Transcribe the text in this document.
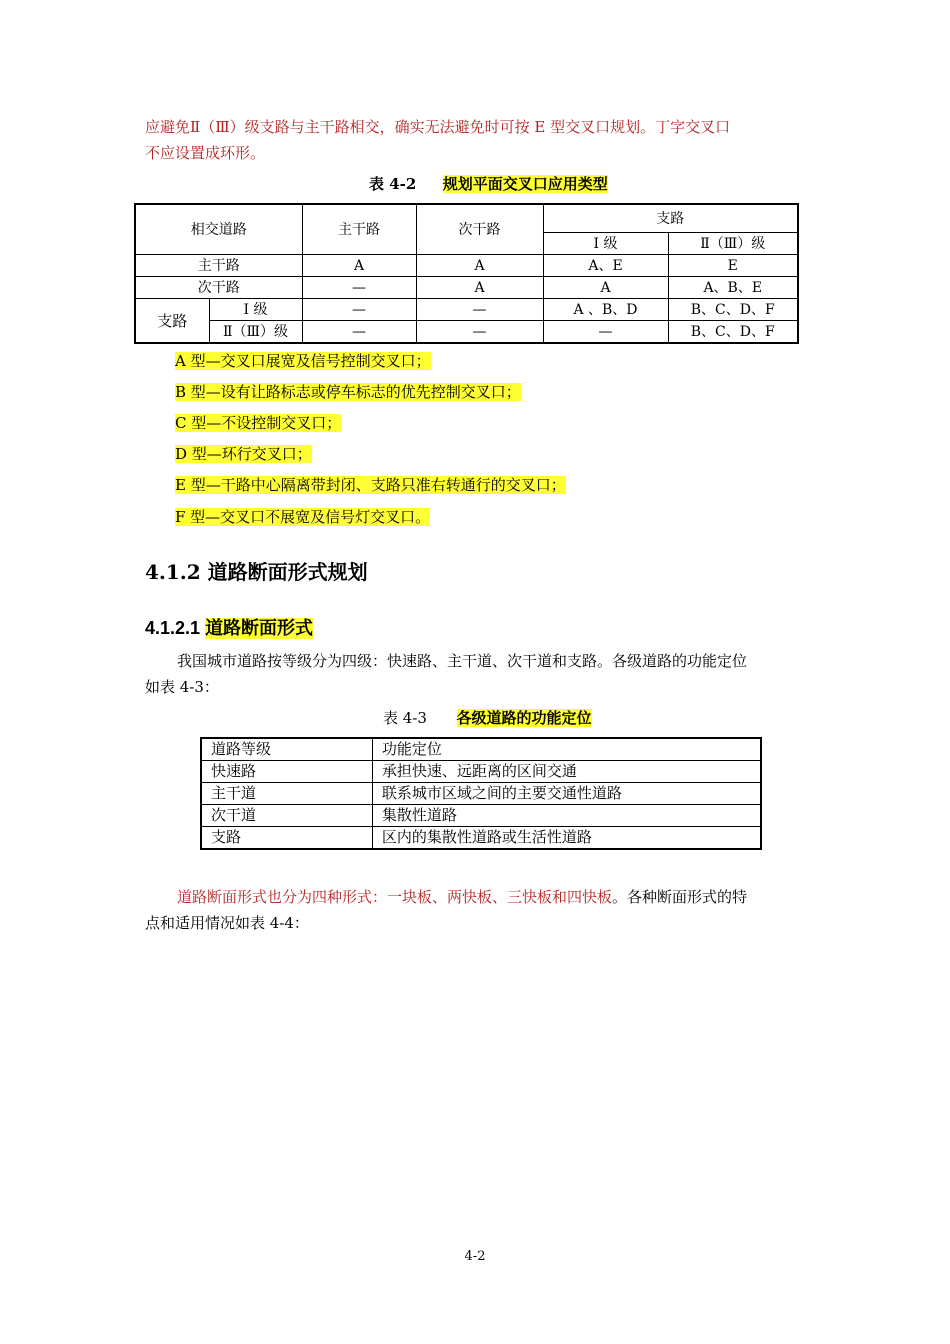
应避免Ⅱ（Ⅲ）级支路与主干路相交，确实无法避免时可按 E 型交叉口规划。丁字交叉口
不应设置成环形。
表 4-2 规划平面交叉口应用类型
相交道路		主干路	次干路	支路	
				Ⅰ 级	Ⅱ（Ⅲ）级
主干路		A	A	A、E	E
次干路		—	A	A	A、B、E
支路	Ⅰ 级	—	—	A 、B、D	B、C、D、F
	Ⅱ（Ⅲ）级	—	—	—	B、C、D、F
A 型—交叉口展宽及信号控制交叉口；
B 型—设有让路标志或停车标志的优先控制交叉口；
C 型—不设控制交叉口；
D 型—环行交叉口；
E 型—干路中心隔离带封闭、支路只准右转通行的交叉口；
F 型—交叉口不展宽及信号灯交叉口。
4.1.2 道路断面形式规划
4.1.2.1 道路断面形式
我国城市道路按等级分为四级：快速路、主干道、次干道和支路。各级道路的功能定位
如表 4-3：
表 4-3 各级道路的功能定位
道路等级	功能定位
快速路	承担快速、远距离的区间交通
主干道	联系城市区域之间的主要交通性道路
次干道	集散性道路
支路	区内的集散性道路或生活性道路
道路断面形式也分为四种形式：一块板、两快板、三快板和四快板。各种断面形式的特
点和适用情况如表 4-4：
4-2
